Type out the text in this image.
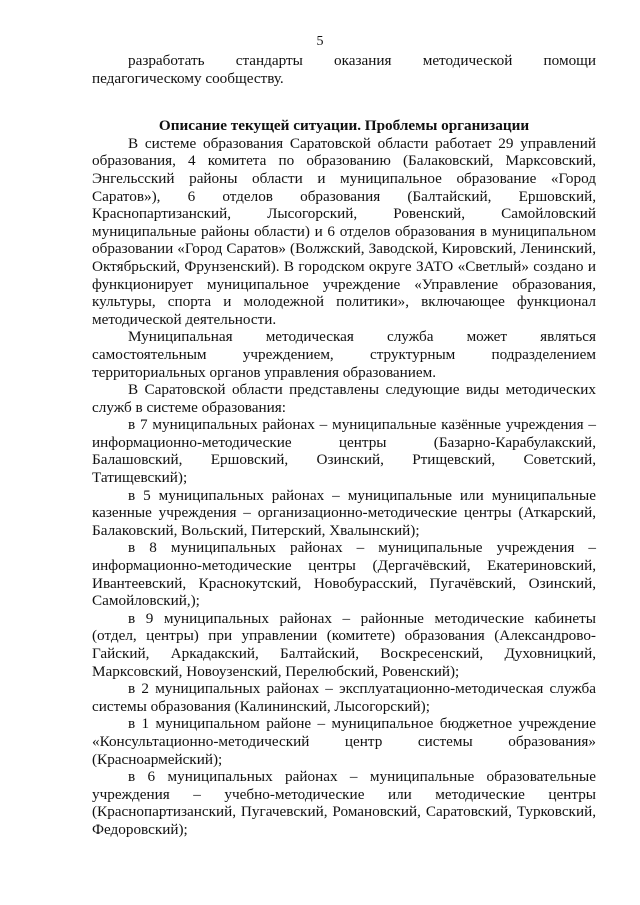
5

разработать стандарты оказания методической помощи педагогическому сообществу.

Описание текущей ситуации. Проблемы организации

В системе образования Саратовской области работает 29 управлений образования, 4 комитета по образованию (Балаковский, Марксовский, Энгельсский районы области и муниципальное образование «Город Саратов»), 6 отделов образования (Балтайский, Ершовский, Краснопартизанский, Лысогорский, Ровенский, Самойловский муниципальные районы области) и 6 отделов образования в муниципальном образовании «Город Саратов» (Волжский, Заводской, Кировский, Ленинский, Октябрьский, Фрунзенский). В городском округе ЗАТО «Светлый» создано и функционирует муниципальное учреждение «Управление образования, культуры, спорта и молодежной политики», включающее функционал методической деятельности.

Муниципальная методическая служба может являться самостоятельным учреждением, структурным подразделением территориальных органов управления образованием.

В Саратовской области представлены следующие виды методических служб в системе образования:

в 7 муниципальных районах – муниципальные казённые учреждения – информационно-методические центры (Базарно-Карабулакский, Балашовский, Ершовский, Озинский, Ртищевский, Советский, Татищевский);

в 5 муниципальных районах – муниципальные или муниципальные казенные учреждения – организационно-методические центры (Аткарский, Балаковский, Вольский, Питерский, Хвалынский);

в 8 муниципальных районах – муниципальные учреждения – информационно-методические центры (Дергачёвский, Екатериновский, Ивантеевский, Краснокутский, Новобурасский, Пугачёвский, Озинский, Самойловский,);

в 9 муниципальных районах – районные методические кабинеты (отдел, центры) при управлении (комитете) образования (Александрово-Гайский, Аркадакский, Балтайский, Воскресенский, Духовницкий, Марксовский, Новоузенский, Перелюбский, Ровенский);

в 2 муниципальных районах – эксплуатационно-методическая служба системы образования (Калининский, Лысогорский);

в 1 муниципальном районе – муниципальное бюджетное учреждение «Консультационно-методический центр системы образования» (Красноармейский);

в 6 муниципальных районах – муниципальные образовательные учреждения – учебно-методические или методические центры (Краснопартизанский, Пугачевский, Романовский, Саратовский, Турковский, Федоровский);
